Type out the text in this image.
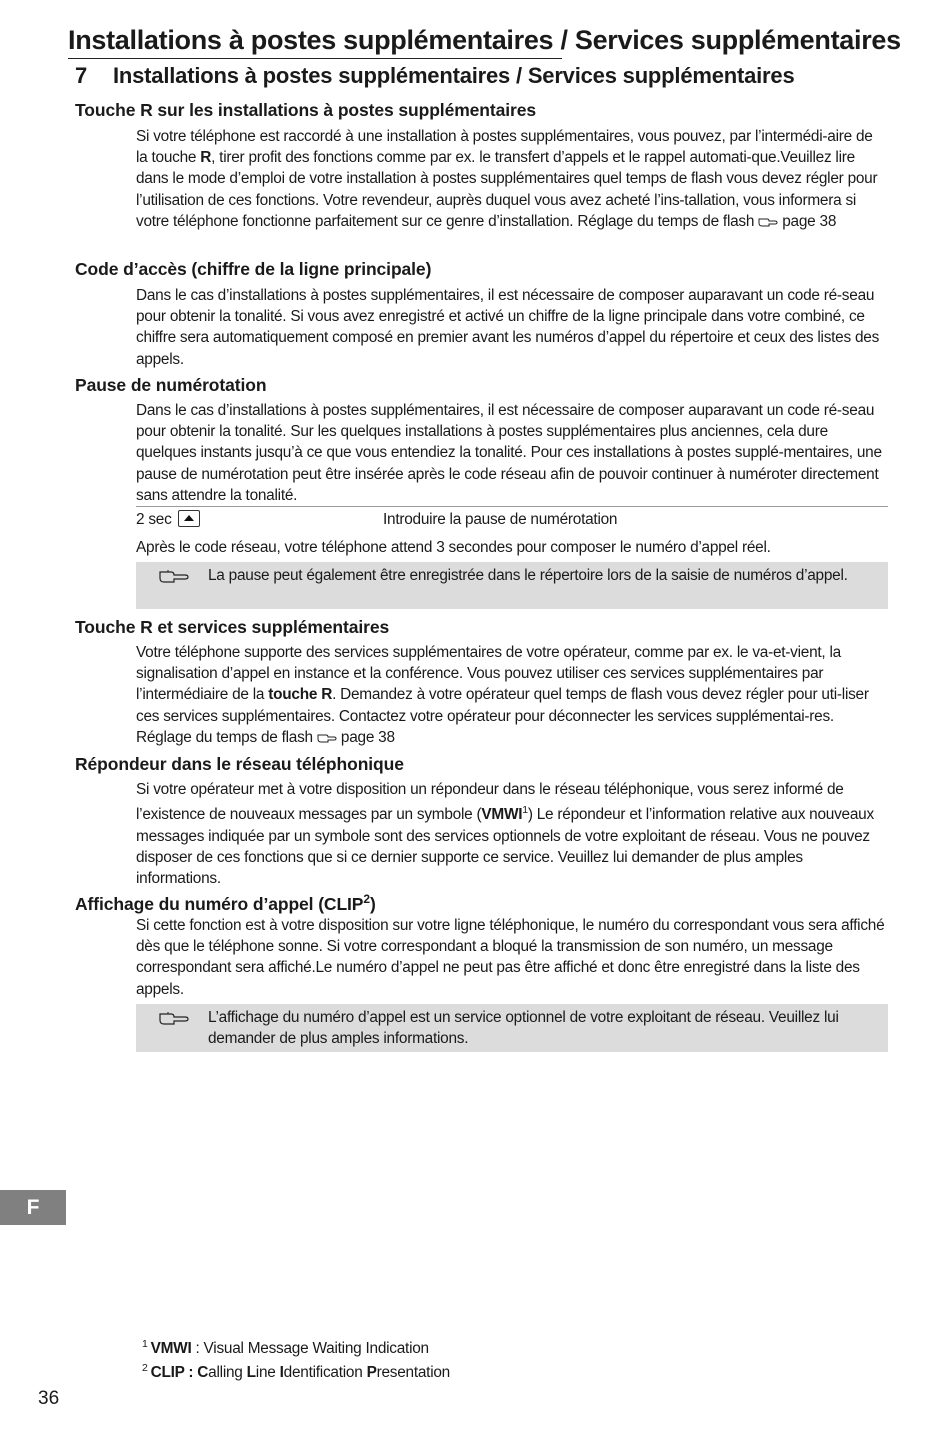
Installations à postes supplémentaires / Services supplémentaires
7 Installations à postes supplémentaires / Services supplémentaires
Touche R sur les installations à postes supplémentaires

Si votre téléphone est raccordé à une installation à postes supplémentaires, vous pouvez, par l’intermédi-aire de la touche R, tirer profit des fonctions comme par ex. le transfert d’appels et le rappel automati-que.Veuillez lire dans le mode d’emploi de votre installation à postes supplémentaires quel temps de flash vous devez régler pour l’utilisation de ces fonctions. Votre revendeur, auprès duquel vous avez acheté l’ins-tallation, vous informera si votre téléphone fonctionne parfaitement sur ce genre d’installation. Réglage du temps de flash  page 38

Code d’accès (chiffre de la ligne principale)

Dans le cas d’installations à postes supplémentaires, il est nécessaire de composer auparavant un code ré-seau pour obtenir la tonalité. Si vous avez enregistré et activé un chiffre de la ligne principale dans votre combiné, ce chiffre sera automatiquement composé en premier avant les numéros d’appel du répertoire et ceux des listes des appels.

Pause de numérotation

Dans le cas d’installations à postes supplémentaires, il est nécessaire de composer auparavant un code ré-seau pour obtenir la tonalité. Sur les quelques installations à postes supplémentaires plus anciennes, cela dure quelques instants jusqu’à ce que vous entendiez la tonalité. Pour ces installations à postes supplé-mentaires, une pause de numérotation peut être insérée après le code réseau afin de pouvoir continuer à numéroter directement sans attendre la tonalité.

2 sec	Introduire la pause de numérotation

Après le code réseau, votre téléphone attend 3 secondes pour composer le numéro d’appel réel.

La pause peut également être enregistrée dans le répertoire lors de la saisie de numéros d’appel.
Touche R et services supplémentaires

Votre téléphone supporte des services supplémentaires de votre opérateur, comme par ex. le va-et-vient, la signalisation d’appel en instance et la conférence. Vous pouvez utiliser ces services supplémentaires par l’intermédiaire de la touche R. Demandez à votre opérateur quel temps de flash vous devez régler pour uti-liser ces services supplémentaires. Contactez votre opérateur pour déconnecter les services supplémentai-res. Réglage du temps de flash  page 38

Répondeur dans le réseau téléphonique

Si votre opérateur met à votre disposition un répondeur dans le réseau téléphonique, vous serez informé de l’existence de nouveaux messages par un symbole (VMWI$^1$) Le répondeur et l’information relative aux nouveaux messages indiquée par un symbole sont des services optionnels de votre exploitant de réseau. Vous ne pouvez disposer de ces fonctions que si ce dernier supporte ce service. Veuillez lui demander de plus amples informations.

Affichage du numéro d’appel (CLIP$^2$)

Si cette fonction est à votre disposition sur votre ligne téléphonique, le numéro du correspondant vous sera affiché dès que le téléphone sonne. Si votre correspondant a bloqué la transmission de son numéro, un message correspondant sera affiché.Le numéro d’appel ne peut pas être affiché et donc être enregistré dans la liste des appels.

L’affichage du numéro d’appel est un service optionnel de votre exploitant de réseau. Veuillez lui demander de plus amples informations.
F
$^1$ VMWI : Visual Message Waiting Indication
$^2$ CLIP : Calling Line Identification Presentation
36
